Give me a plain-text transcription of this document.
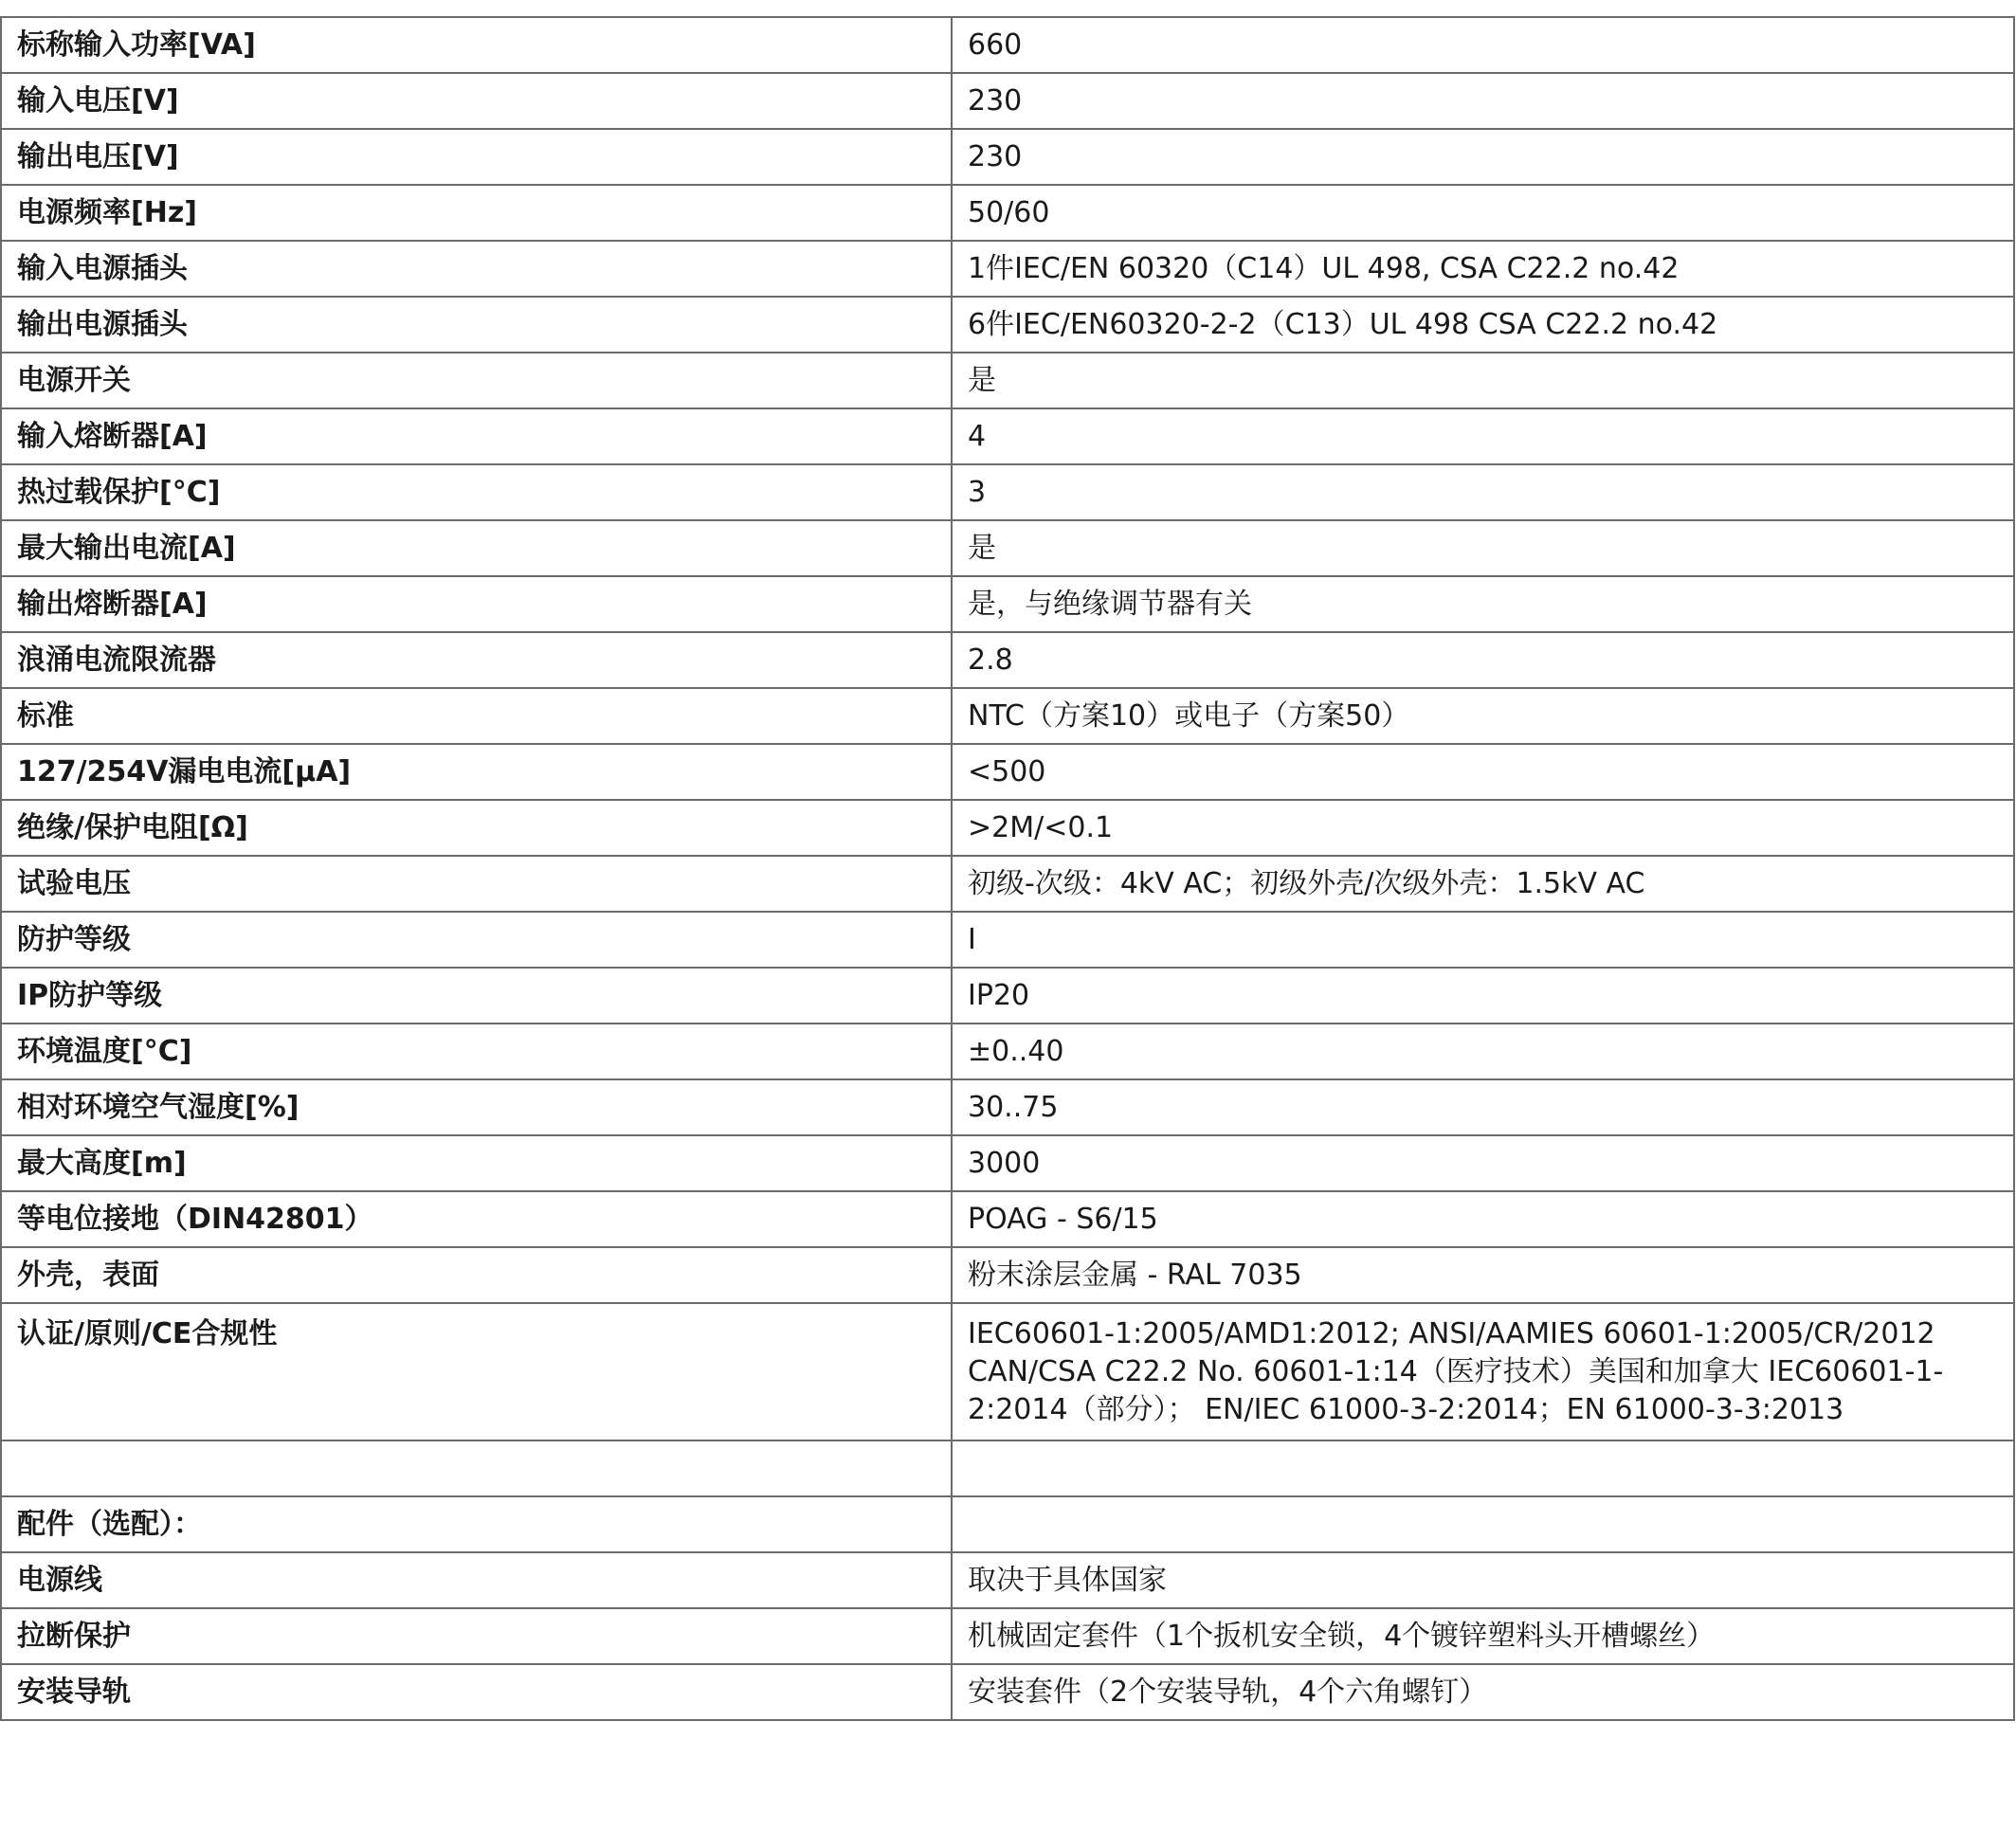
标称输入功率[VA]	660
输入电压[V]	230
输出电压[V]	230
电源频率[Hz]	50/60
输入电源插头	1件IEC/EN 60320（C14）UL 498, CSA C22.2 no.42
输出电源插头	6件IEC/EN60320-2-2（C13）UL 498 CSA C22.2 no.42
电源开关	是
输入熔断器[A]	4
热过载保护[°C]	3
最大输出电流[A]	是
输出熔断器[A]	是，与绝缘调节器有关
浪涌电流限流器	2.8
标准	NTC（方案10）或电子（方案50）
127/254V漏电电流[μA]	<500
绝缘/保护电阻[Ω]	>2M/<0.1
试验电压	初级-次级：4kV AC；初级外壳/次级外壳：1.5kV AC
防护等级	I
IP防护等级	IP20
环境温度[°C]	±0..40
相对环境空气湿度[%]	30..75
最大高度[m]	3000
等电位接地（DIN42801）	POAG - S6/15
外壳，表面	粉末涂层金属 - RAL 7035
认证/原则/CE合规性	IEC60601-1:2005/AMD1:2012; ANSI/AAMIES 60601-1:2005/CR/2012 CAN/CSA C22.2 No. 60601-1:14（医疗技术）美国和加拿大 IEC60601-1-2:2014（部分）； EN/IEC 61000-3-2:2014；EN 61000-3-3:2013

配件（选配）：	
电源线	取决于具体国家
拉断保护	机械固定套件（1个扳机安全锁，4个镀锌塑料头开槽螺丝）
安装导轨	安装套件（2个安装导轨，4个六角螺钉）
